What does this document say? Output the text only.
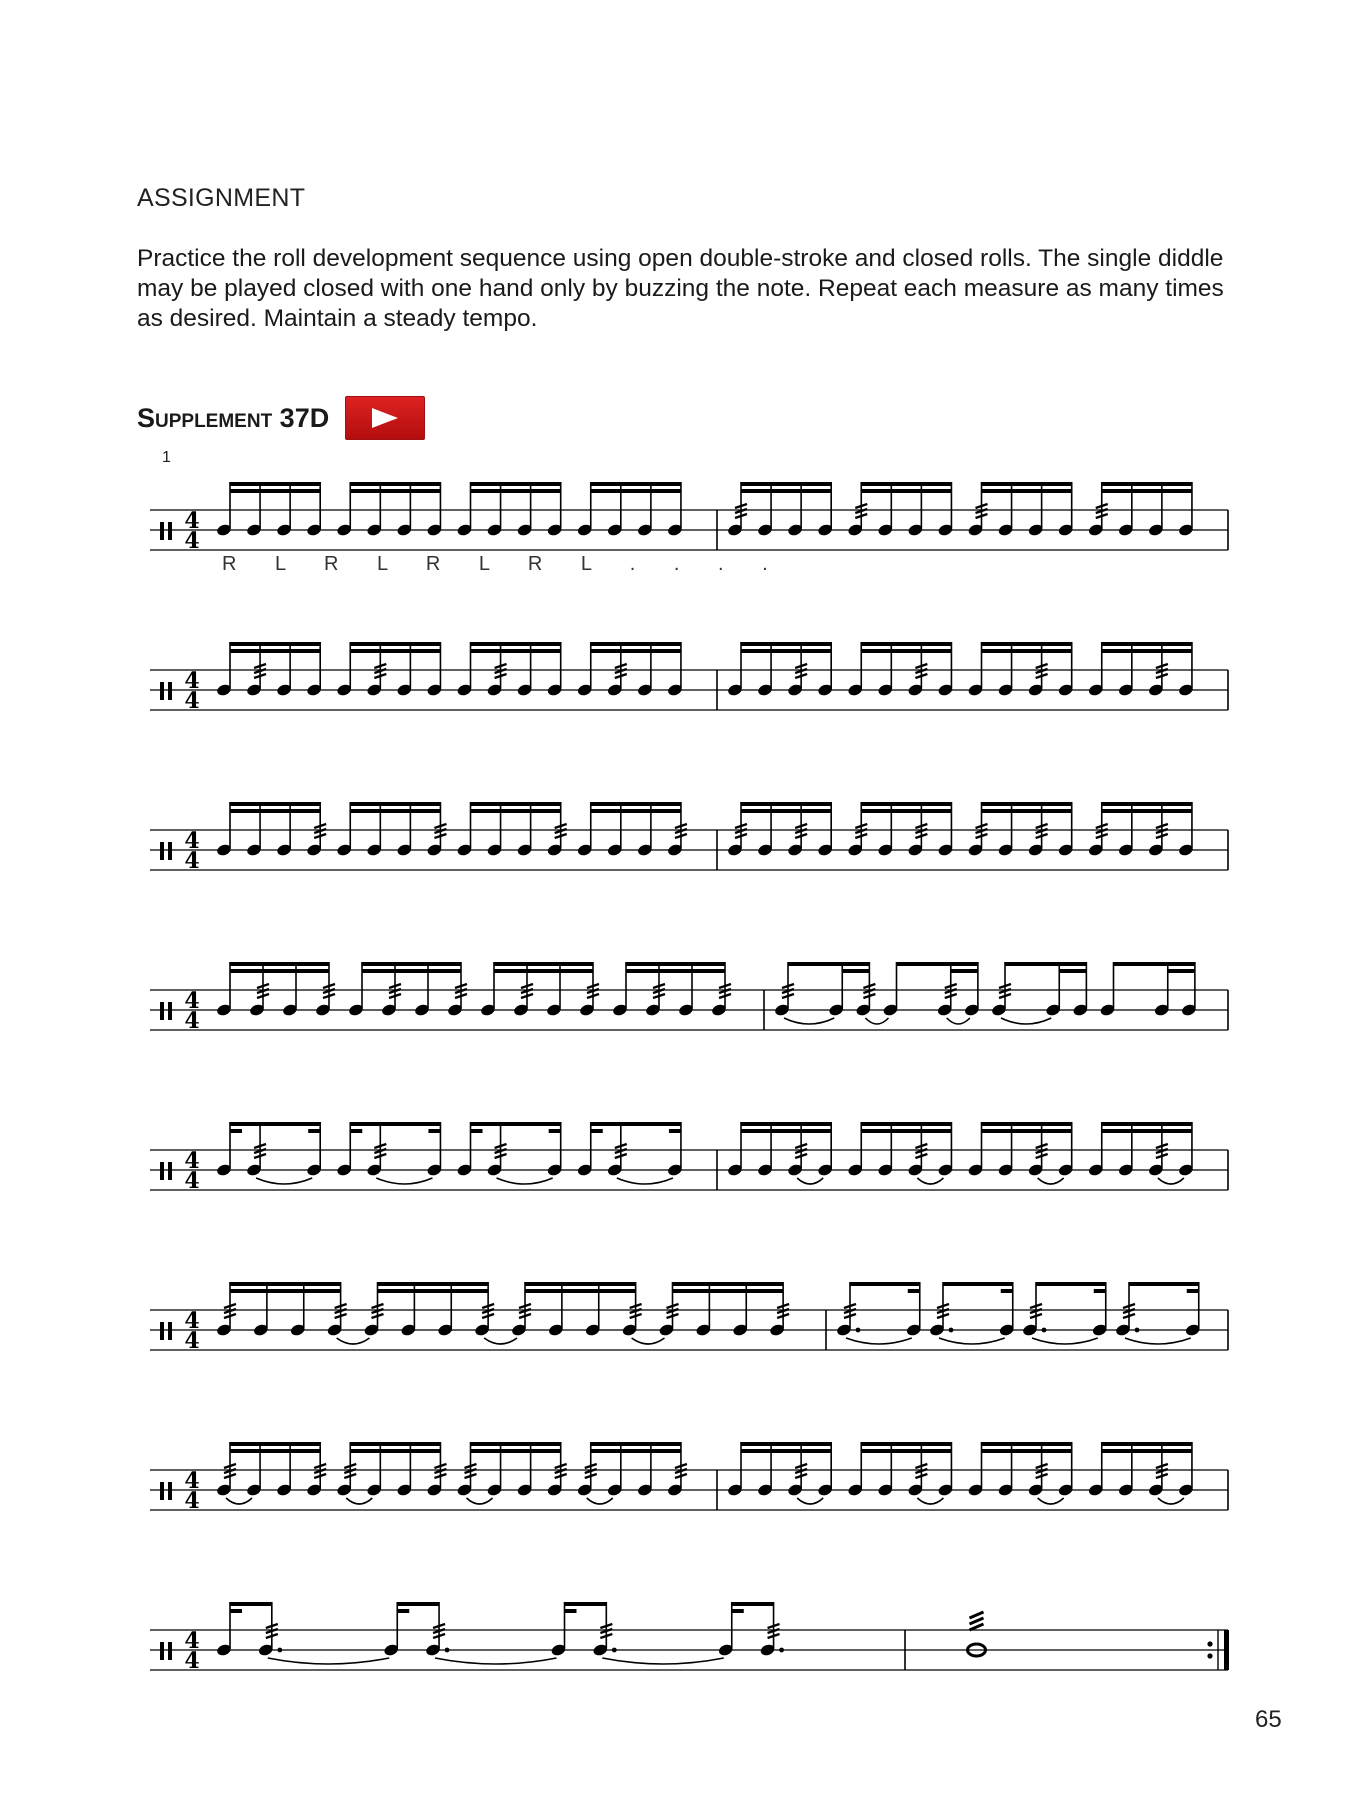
ASSIGNMENT

Practice the roll development sequence using open double-stroke and closed rolls. The single diddle may be played closed with one hand only by buzzing the note. Repeat each measure as many times as desired. Maintain a steady tempo.

Supplement 37D
1
4
4
4
4
4
4
4
4
4
4
4
4
4
4
4
4
R L R L R L R L . . . .
65
